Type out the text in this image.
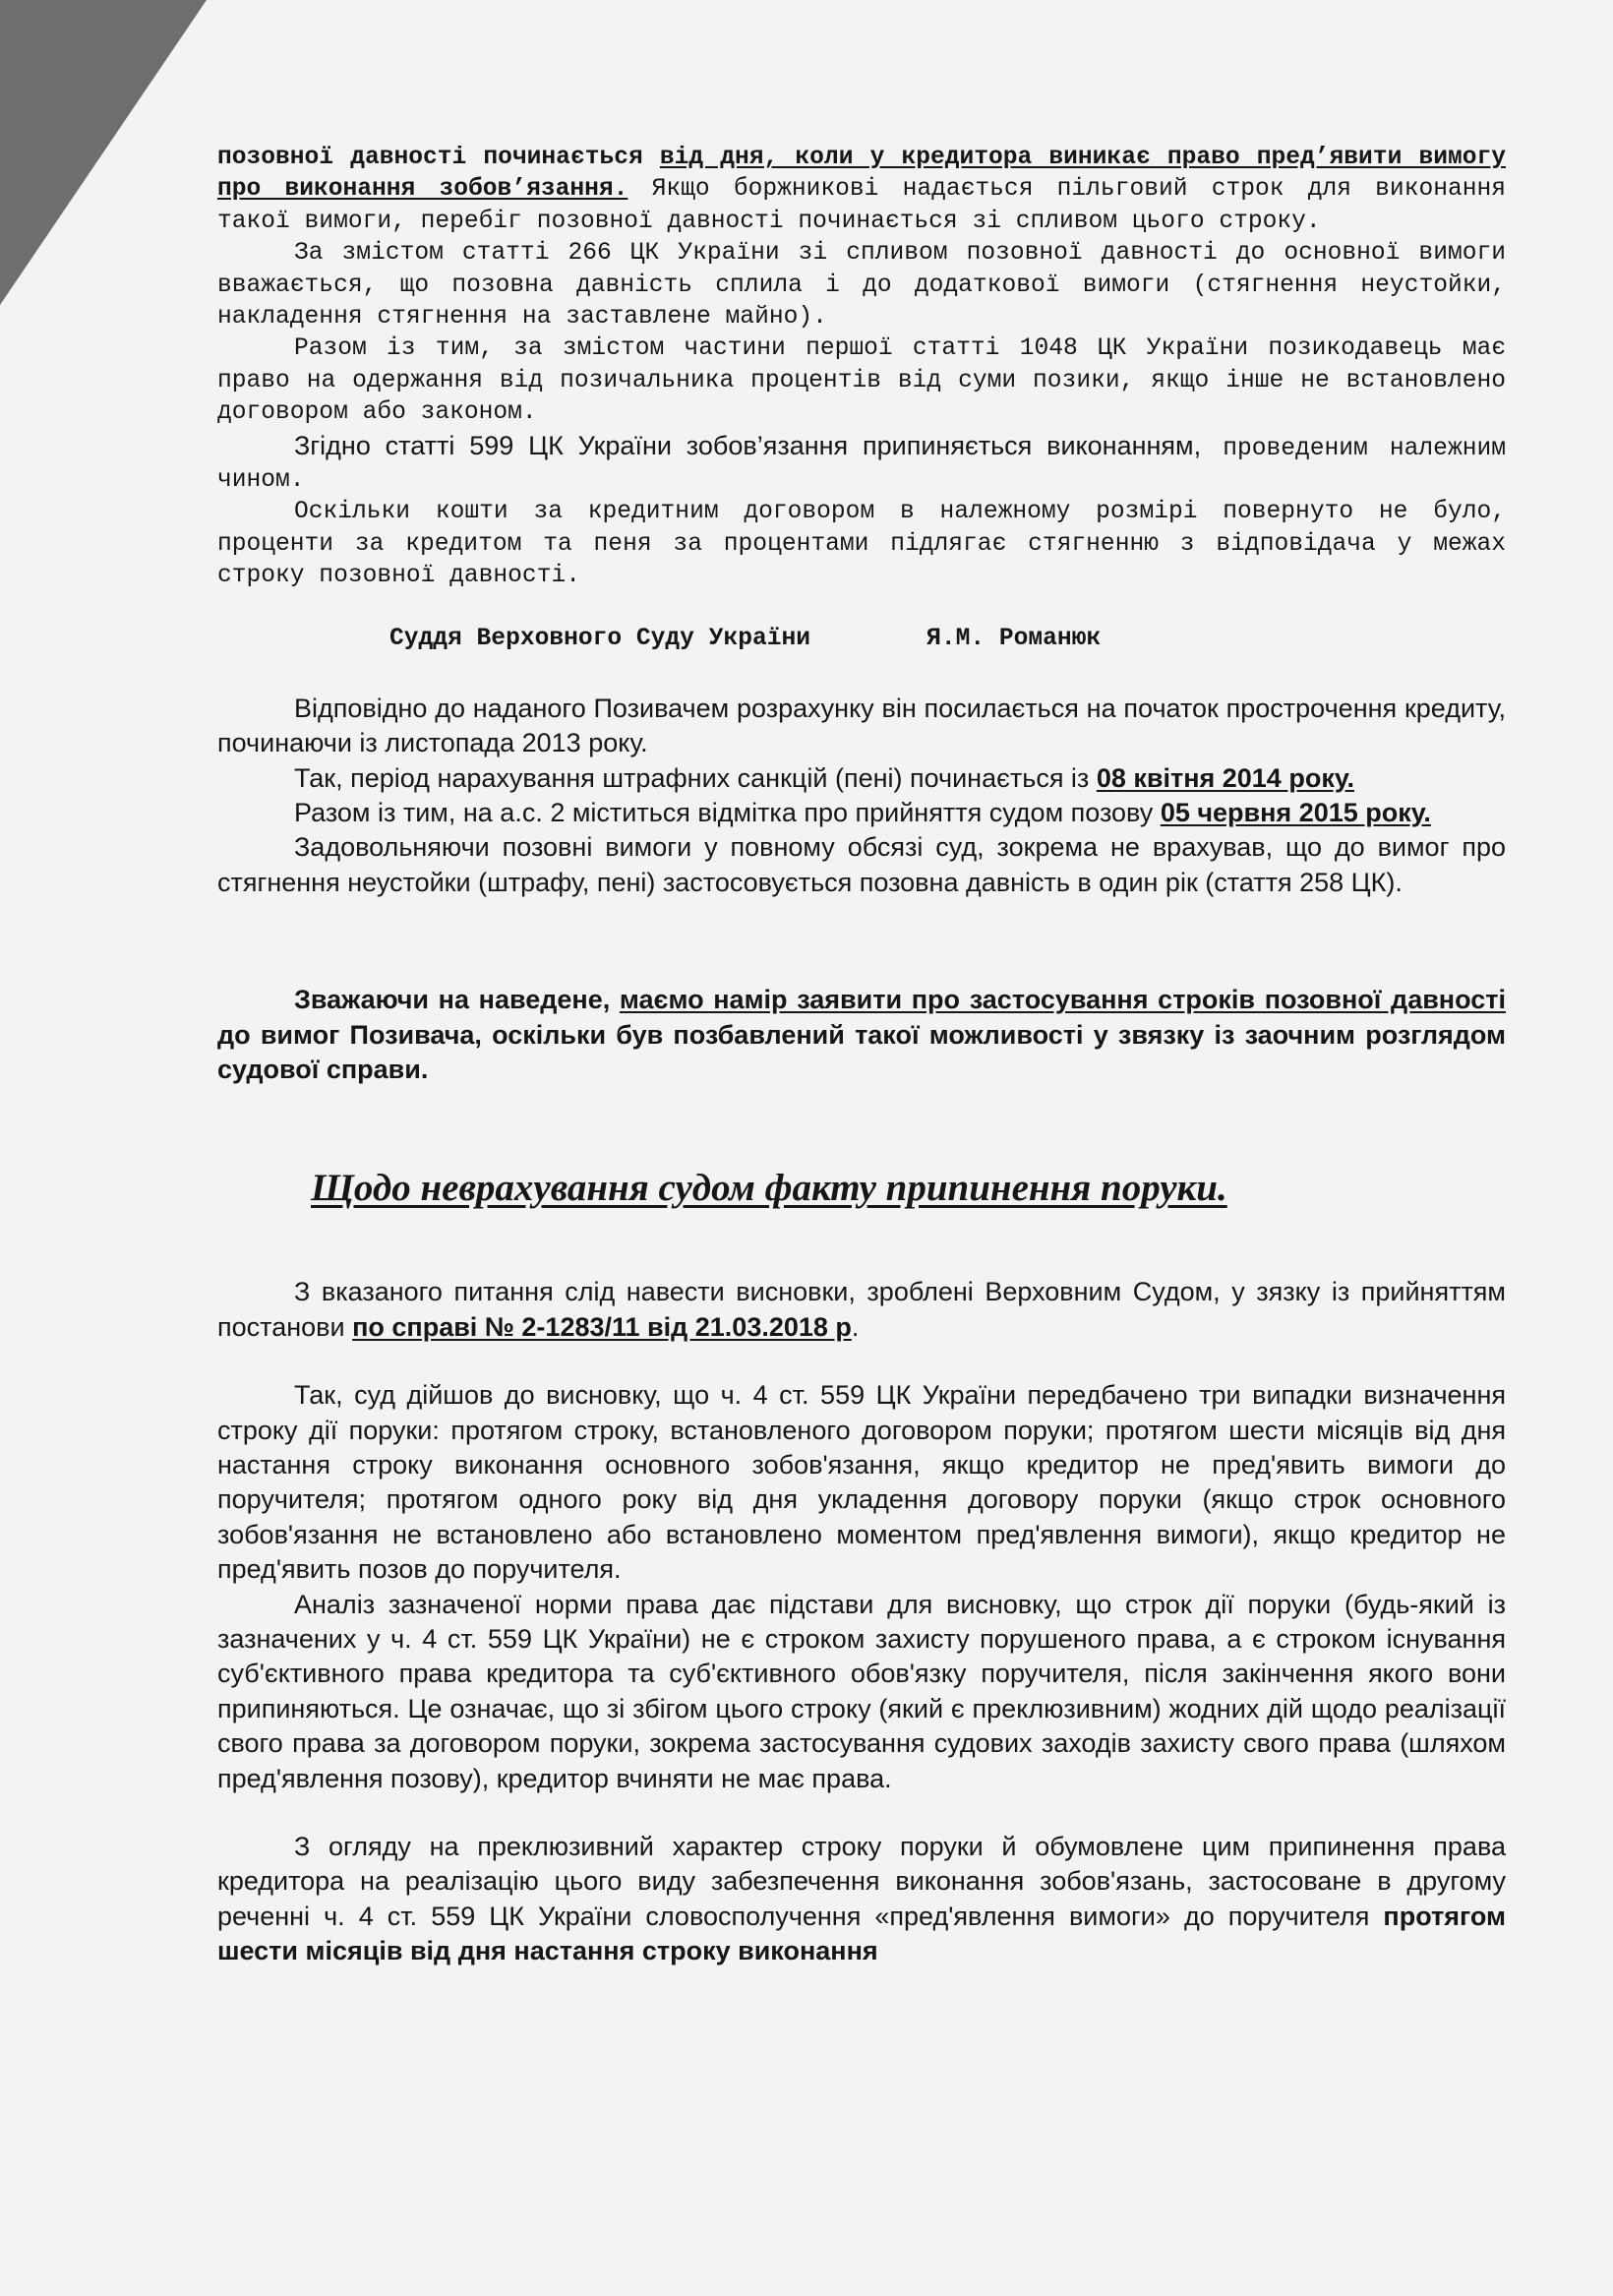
позовної давності починається від дня, коли у кредитора виникає право пред’явити вимогу про виконання зобов’язання. Якщо боржникові надається пільговий строк для виконання такої вимоги, перебіг позовної давності починається зі спливом цього строку.

За змістом статті 266 ЦК України зі спливом позовної давності до основної вимоги вважається, що позовна давність сплила і до додаткової вимоги (стягнення неустойки, накладення стягнення на заставлене майно).

Разом із тим, за змістом частини першої статті 1048 ЦК України позикодавець має право на одержання від позичальника процентів від суми позики, якщо інше не встановлено договором або законом.

Згідно статті 599 ЦК України зобов’язання припиняється виконанням, проведеним належним чином.

Оскільки кошти за кредитним договором в належному розмірі повернуто не було, проценти за кредитом та пеня за процентами підлягає стягненню з відповідача у межах строку позовної давності.

Суддя Верховного Суду України	Я.М. Романюк

Відповідно до наданого Позивачем розрахунку він посилається на початок прострочення кредиту, починаючи із листопада 2013 року.

Так, період нарахування штрафних санкцій (пені) починається із 08 квітня 2014 року.

Разом із тим, на а.с. 2 міститься відмітка про прийняття судом позову 05 червня 2015 року.

Задовольняючи позовні вимоги у повному обсязі суд, зокрема не врахував, що до вимог про стягнення неустойки (штрафу, пені) застосовується позовна давність в один рік (стаття 258 ЦК).

Зважаючи на наведене, маємо намір заявити про застосування строків позовної давності до вимог Позивача, оскільки був позбавлений такої можливості у звязку із заочним розглядом судової справи.

Щодо неврахування судом факту припинення поруки.

З вказаного питання слід навести висновки, зроблені Верховним Судом, у зязку із прийняттям постанови по справі № 2-1283/11 від 21.03.2018 р.

Так, суд дійшов до висновку, що ч. 4 ст. 559 ЦК України передбачено три випадки визначення строку дії поруки: протягом строку, встановленого договором поруки; протягом шести місяців від дня настання строку виконання основного зобов'язання, якщо кредитор не пред'явить вимоги до поручителя; протягом одного року від дня укладення договору поруки (якщо строк основного зобов'язання не встановлено або встановлено моментом пред'явлення вимоги), якщо кредитор не пред'явить позов до поручителя.

Аналіз зазначеної норми права дає підстави для висновку, що строк дії поруки (будь-який із зазначених у ч. 4 ст. 559 ЦК України) не є строком захисту порушеного права, а є строком існування суб'єктивного права кредитора та суб'єктивного обов'язку поручителя, після закінчення якого вони припиняються. Це означає, що зі збігом цього строку (який є преклюзивним) жодних дій щодо реалізації свого права за договором поруки, зокрема застосування судових заходів захисту свого права (шляхом пред'явлення позову), кредитор вчиняти не має права.

З огляду на преклюзивний характер строку поруки й обумовлене цим припинення права кредитора на реалізацію цього виду забезпечення виконання зобов'язань, застосоване в другому реченні ч. 4 ст. 559 ЦК України словосполучення «пред'явлення вимоги» до поручителя протягом шести місяців від дня настання строку виконання
